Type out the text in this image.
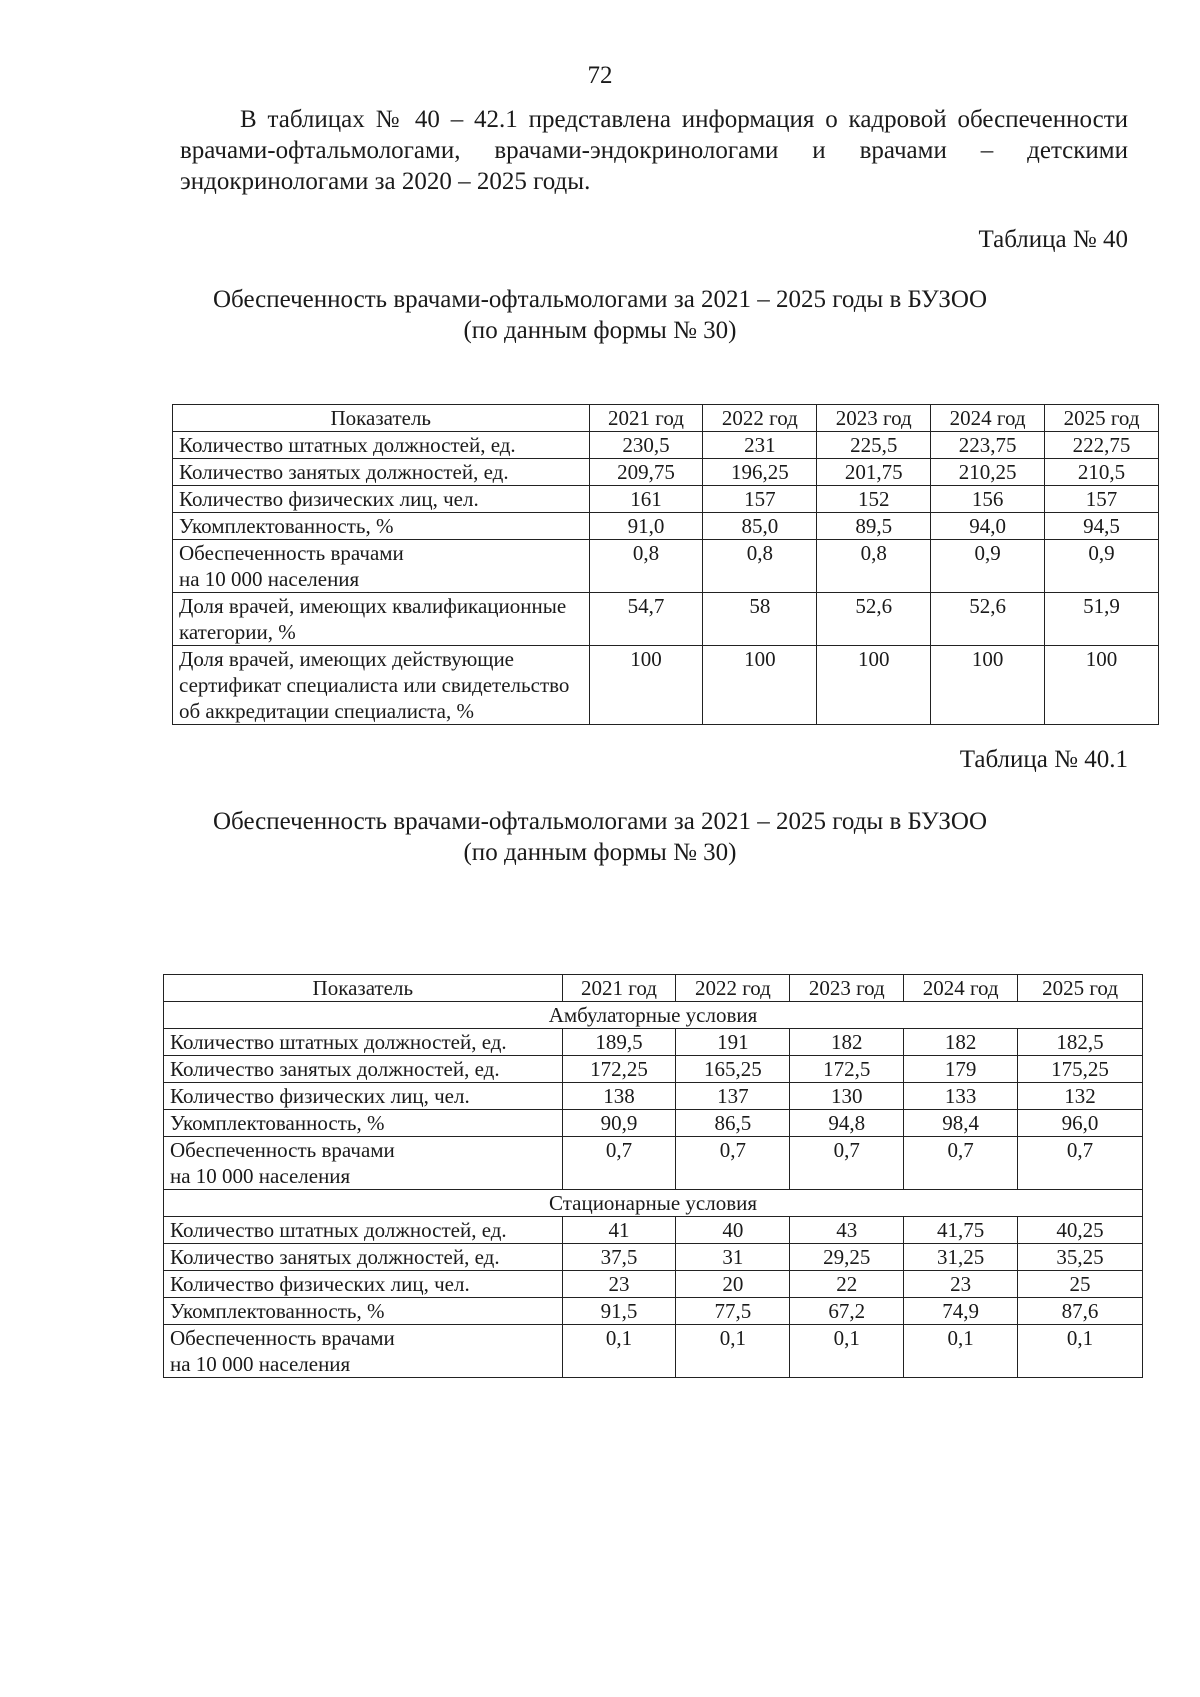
72

В таблицах № 40 – 42.1 представлена информация о кадровой обеспеченности врачами-офтальмологами, врачами-эндокринологами и врачами – детскими эндокринологами за 2020 – 2025 годы.

Таблица № 40
Обеспеченность врачами-офтальмологами за 2021 – 2025 годы в БУЗОО
(по данным формы № 30)
Показатель	2021 год	2022 год	2023 год	2024 год	2025 год
Количество штатных должностей, ед.	230,5	231	225,5	223,75	222,75
Количество занятых должностей, ед.	209,75	196,25	201,75	210,25	210,5
Количество физических лиц, чел.	161	157	152	156	157
Укомплектованность, %	91,0	85,0	89,5	94,0	94,5
Обеспеченность врачами
на 10 000 населения	0,8	0,8	0,8	0,9	0,9
Доля врачей, имеющих квалификационные категории, %	54,7	58	52,6	52,6	51,9
Доля врачей, имеющих действующие сертификат специалиста или свидетельство об аккредитации специалиста, %	100	100	100	100	100
Таблица № 40.1
Обеспеченность врачами-офтальмологами за 2021 – 2025 годы в БУЗОО
(по данным формы № 30)
Показатель	2021 год	2022 год	2023 год	2024 год	2025 год
Амбулаторные условия					
Количество штатных должностей, ед.	189,5	191	182	182	182,5
Количество занятых должностей, ед.	172,25	165,25	172,5	179	175,25
Количество физических лиц, чел.	138	137	130	133	132
Укомплектованность, %	90,9	86,5	94,8	98,4	96,0
Обеспеченность врачами
на 10 000 населения	0,7	0,7	0,7	0,7	0,7
Стационарные условия					
Количество штатных должностей, ед.	41	40	43	41,75	40,25
Количество занятых должностей, ед.	37,5	31	29,25	31,25	35,25
Количество физических лиц, чел.	23	20	22	23	25
Укомплектованность, %	91,5	77,5	67,2	74,9	87,6
Обеспеченность врачами
на 10 000 населения	0,1	0,1	0,1	0,1	0,1
